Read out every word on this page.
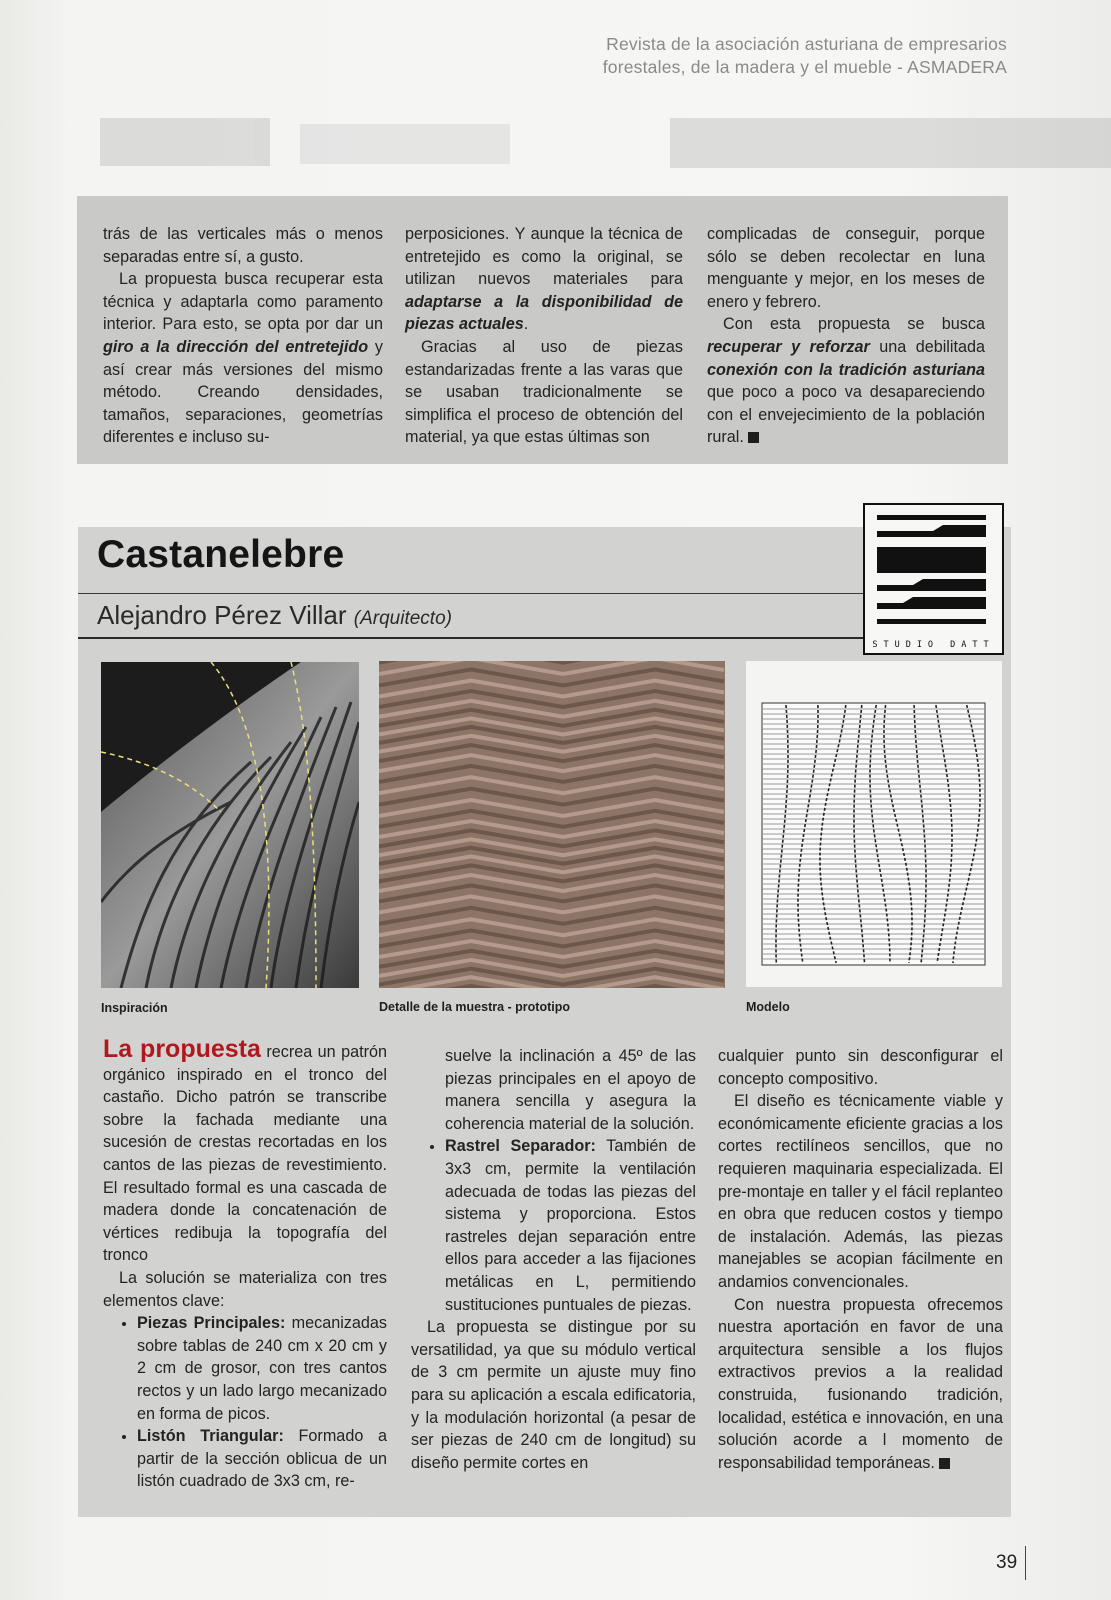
Revista de la asociación asturiana de empresarios
forestales, de la madera y el mueble - ASMADERA

trás de las verticales más o menos separadas entre sí, a gusto.

La propuesta busca recuperar esta técnica y adaptarla como paramento interior. Para esto, se opta por dar un giro a la dirección del entretejido y así crear más versiones del mismo método. Creando densidades, tamaños, separaciones, geometrías diferentes e incluso su-

perposiciones. Y aunque la técnica de entretejido es como la original, se utilizan nuevos materiales para adaptarse a la disponibilidad de piezas actuales.

Gracias al uso de piezas estandarizadas frente a las varas que se usaban tradicionalmente se simplifica el proceso de obtención del material, ya que estas últimas son

complicadas de conseguir, porque sólo se deben recolectar en luna menguante y mejor, en los meses de enero y febrero.

Con esta propuesta se busca recuperar y reforzar una debilitada conexión con la tradición asturiana que poco a poco va desapareciendo con el envejecimiento de la población rural.

Castanelebre
Alejandro Pérez Villar (Arquitecto)
STUDIO DATT
Inspiración	Detalle de la muestra - prototipo	Modelo

La propuesta recrea un patrón orgánico inspirado en el tronco del castaño. Dicho patrón se transcribe sobre la fachada mediante una sucesión de crestas recortadas en los cantos de las piezas de revestimiento. El resultado formal es una cascada de madera donde la concatenación de vértices redibuja la topografía del tronco

La solución se materializa con tres elementos clave:

• Piezas Principales: mecanizadas sobre tablas de 240 cm x 20 cm y 2 cm de grosor, con tres cantos rectos y un lado largo mecanizado en forma de picos.
• Listón Triangular: Formado a partir de la sección oblicua de un listón cuadrado de 3x3 cm, re-

suelve la inclinación a 45º de las piezas principales en el apoyo de manera sencilla y asegura la coherencia material de la solución.

• Rastrel Separador: También de 3x3 cm, permite la ventilación adecuada de todas las piezas del sistema y proporciona. Estos rastreles dejan separación entre ellos para acceder a las fijaciones metálicas en L, permitiendo sustituciones puntuales de piezas.

La propuesta se distingue por su versatilidad, ya que su módulo vertical de 3 cm permite un ajuste muy fino para su aplicación a escala edificatoria, y la modulación horizontal (a pesar de ser piezas de 240 cm de longitud) su diseño permite cortes en

cualquier punto sin desconfigurar el concepto compositivo.

El diseño es técnicamente viable y económicamente eficiente gracias a los cortes rectilíneos sencillos, que no requieren maquinaria especializada. El pre-montaje en taller y el fácil replanteo en obra que reducen costos y tiempo de instalación. Además, las piezas manejables se acopian fácilmente en andamios convencionales.

Con nuestra propuesta ofrecemos nuestra aportación en favor de una arquitectura sensible a los flujos extractivos previos a la realidad construida, fusionando tradición, localidad, estética e innovación, en una solución acorde a l momento de responsabilidad temporáneas.

39
